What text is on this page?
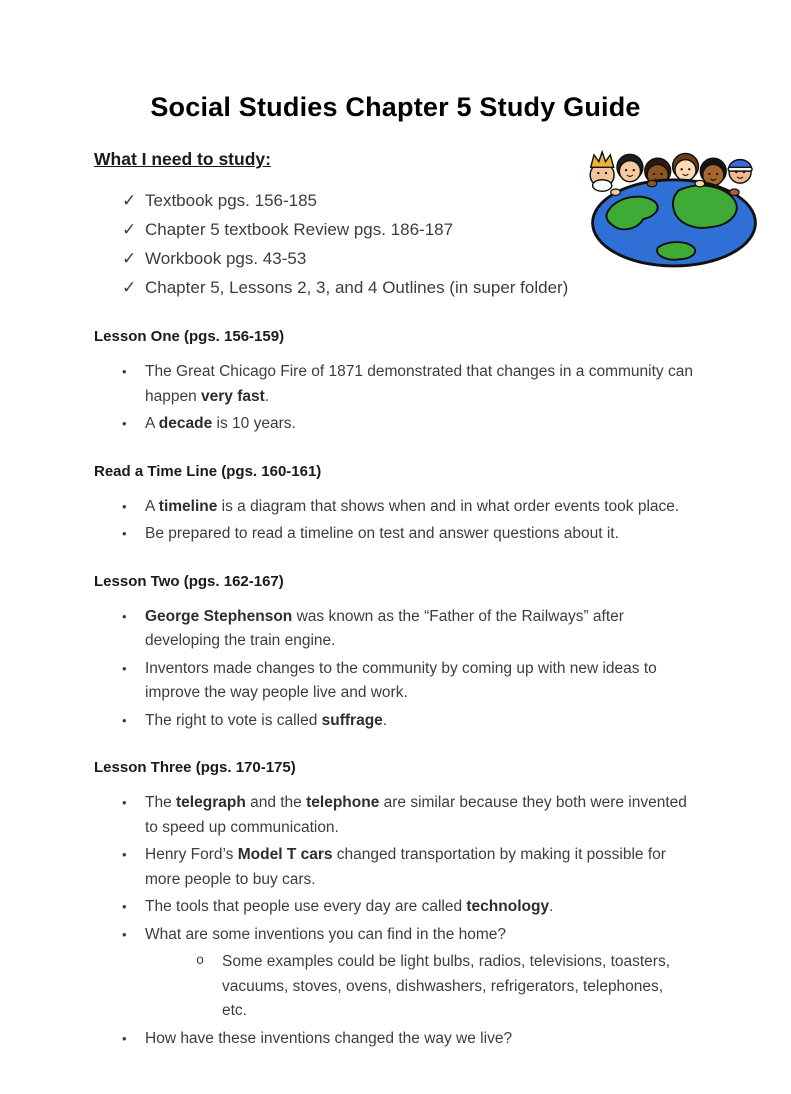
Social Studies Chapter 5 Study Guide
What I need to study:
✓ Textbook pgs. 156-185
✓ Chapter 5 textbook Review pgs. 186-187
✓ Workbook pgs. 43-53
✓ Chapter 5, Lessons 2, 3, and 4 Outlines (in super folder)
Lesson One (pgs. 156-159)
•	The Great Chicago Fire of 1871 demonstrated that changes in a community can happen very fast.
•	A decade is 10 years.
Read a Time Line (pgs. 160-161)
•	A timeline is a diagram that shows when and in what order events took place.
•	Be prepared to read a timeline on test and answer questions about it.
Lesson Two (pgs. 162-167)
•	George Stephenson was known as the “Father of the Railways” after developing the train engine.
•	Inventors made changes to the community by coming up with new ideas to improve the way people live and work.
•	The right to vote is called suffrage.
Lesson Three (pgs. 170-175)
•	The telegraph and the telephone are similar because they both were invented to speed up communication.
•	Henry Ford’s Model T cars changed transportation by making it possible for more people to buy cars.
•	The tools that people use every day are called technology.
•	What are some inventions you can find in the home?
o	Some examples could be light bulbs, radios, televisions, toasters, vacuums, stoves, ovens, dishwashers, refrigerators, telephones, etc.
•	How have these inventions changed the way we live?
